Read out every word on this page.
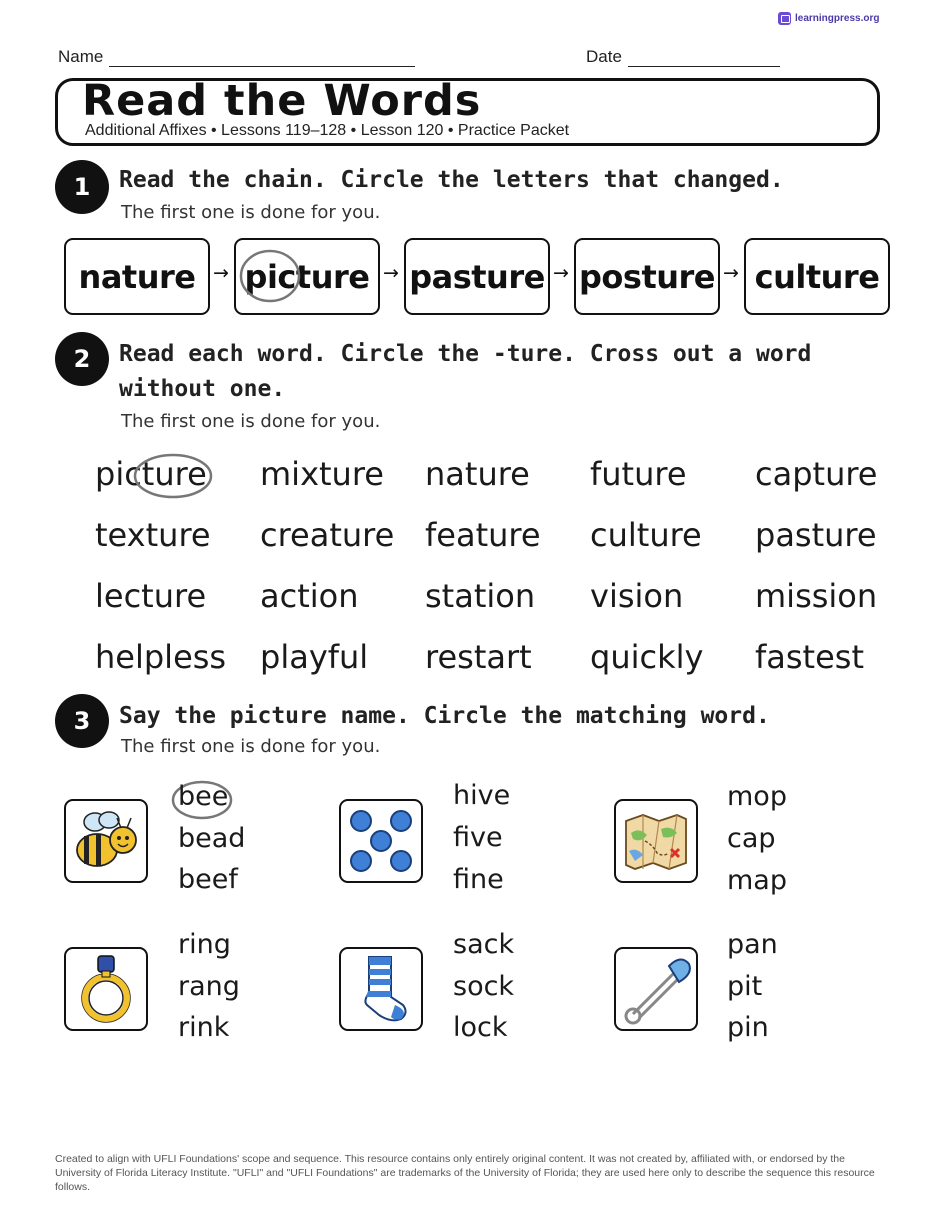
learningpress.org
Name	Date
Read the Words
Additional Affixes • Lessons 119–128 • Lesson 120 • Practice Packet
1	Read the chain. Circle the letters that changed.
The first one is done for you.
nature → picture → pasture → posture → culture
2	Read each word. Circle the -ture. Cross out a word
without one.
The first one is done for you.
picture mixture nature future capture
texture creature feature culture pasture
lecture action station vision mission
helpless playful restart quickly fastest
3	Say the picture name. Circle the matching word.
The first one is done for you.
bee
bead
beef
hive
five
fine
mop
cap
map
ring
rang
rink
sack
sock
lock
pan
pit
pin
Created to align with UFLI Foundations' scope and sequence. This resource contains only entirely original content. It was not created by, affiliated with, or endorsed by the University of Florida Literacy Institute. "UFLI" and "UFLI Foundations" are trademarks of the University of Florida; they are used here only to describe the sequence this resource follows.
